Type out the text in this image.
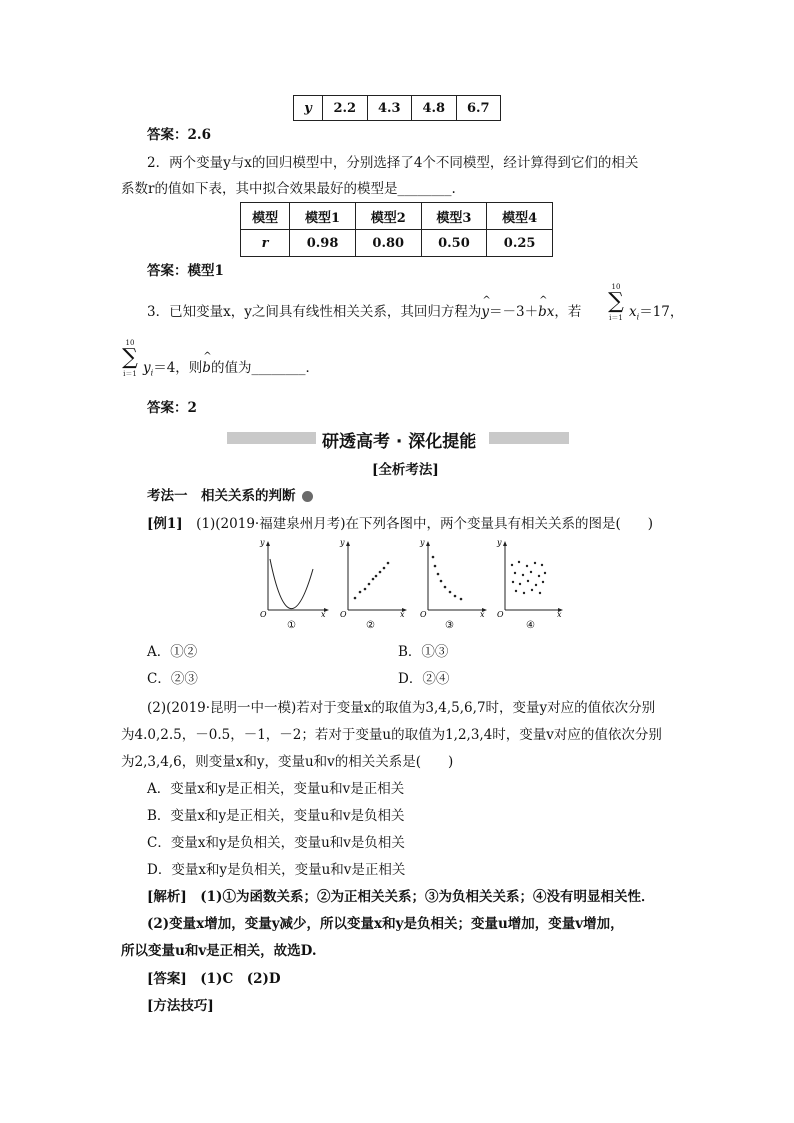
y	2.2	4.3	4.8	6.7
答案：2.6
2．两个变量y与x的回归模型中，分别选择了4个不同模型，经计算得到它们的相关
系数r的值如下表，其中拟合效果最好的模型是________.
模型	模型1	模型2	模型3	模型4
r	0.98	0.80	0.50	0.25
答案：模型1
3．已知变量x，y之间具有线性相关关系，其回归方程为^ y＝－3＋^ bx，若
10
∑
i＝1 $x_i=17$，
10
∑
i＝1 $y_i=4$，则^ b的值为________．
答案：2
研透高考 · 深化提能
[全析考法]
考法一　相关关系的判断
[例1]　 (1)(2019·福建泉州月考)在下列各图中，两个变量具有相关关系的图是(　　)
y
O	x
①
y
O	x
②
y
O	x
③
y
O	x
④
A．①②	B．①③
C．②③	D．②④
(2)(2019·昆明一中一模)若对于变量x的取值为3,4,5,6,7时，变量y对应的值依次分别
为4.0,2.5，－0.5，－1，－2；若对于变量u的取值为1,2,3,4时，变量v对应的值依次分别
为2,3,4,6，则变量x和y，变量u和v的相关关系是(　　)
A．变量x和y是正相关，变量u和v是正相关
B．变量x和y是正相关，变量u和v是负相关
C．变量x和y是负相关，变量u和v是负相关
D．变量x和y是负相关，变量u和v是正相关
[解析]　(1)①为函数关系；②为正相关关系；③为负相关关系；④没有明显相关性．
(2)变量x增加，变量y减少，所以变量x和y是负相关；变量u增加，变量v增加，
所以变量u和v是正相关，故选D.
[答案]　(1)C　(2)D
[方法技巧]
